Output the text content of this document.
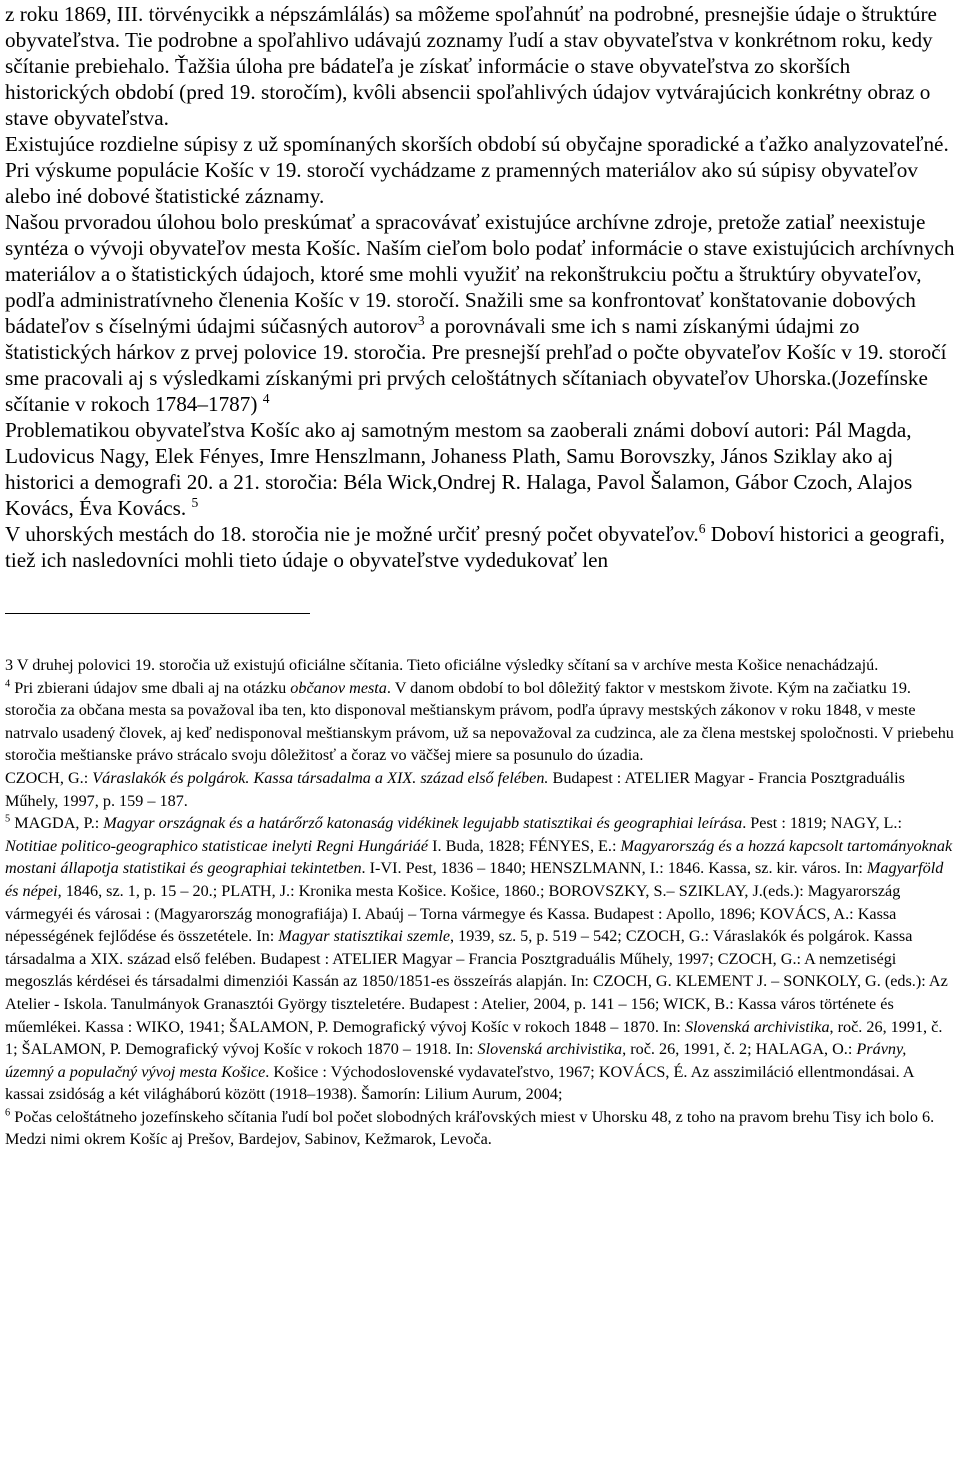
z roku 1869, III. törvénycikk a népszámlálás) sa môžeme spoľahnúť na podrobné, presnejšie údaje o štruktúre obyvateľstva. Tie podrobne a spoľahlivo udávajú zoznamy ľudí a stav obyvateľstva v konkrétnom roku, kedy sčítanie prebiehalo. Ťažšia úloha pre bádateľa je získať informácie o stave obyvateľstva zo skorších historických období (pred 19. storočím), kvôli absencii spoľahlivých údajov vytvárajúcich konkrétny obraz o stave obyvateľstva.

Existujúce rozdielne súpisy z už spomínaných skorších období sú obyčajne sporadické a ťažko analyzovateľné.

Pri výskume populácie Košíc v 19. storočí vychádzame z pramenných materiálov ako sú súpisy obyvateľov alebo iné dobové štatistické záznamy.

Našou prvoradou úlohou bolo preskúmať a spracovávať existujúce archívne zdroje, pretože zatiaľ neexistuje syntéza o vývoji obyvateľov mesta Košíc. Naším cieľom bolo podať informácie o stave existujúcich archívnych materiálov a o štatistických údajoch, ktoré sme mohli využiť na rekonštrukciu počtu a štruktúry obyvateľov, podľa administratívneho členenia Košíc v 19. storočí. Snažili sme sa konfrontovať konštatovanie dobových bádateľov s číselnými údajmi súčasných autorov$^3$ a porovnávali sme ich s nami získanými údajmi zo štatistických hárkov z prvej polovice 19. storočia. Pre presnejší prehľad o počte obyvateľov Košíc v 19. storočí sme pracovali aj s výsledkami získanými pri prvých celoštátnych sčítaniach obyvateľov Uhorska.(Jozefínske sčítanie v rokoch 1784–1787) $^4$

Problematikou obyvateľstva Košíc ako aj samotným mestom sa zaoberali známi doboví autori: Pál Magda, Ludovicus Nagy, Elek Fényes, Imre Henszlmann, Johaness Plath, Samu Borovszky, János Sziklay ako aj historici a demografi 20. a 21. storočia: Béla Wick,Ondrej R. Halaga, Pavol Šalamon, Gábor Czoch, Alajos Kovács, Éva Kovács. $^5$

V uhorských mestách do 18. storočia nie je možné určiť presný počet obyvateľov.$^6$ Doboví historici a geografi, tiež ich nasledovníci mohli tieto údaje o obyvateľstve vydedukovať len

3 V druhej polovici 19. storočia už existujú oficiálne sčítania. Tieto oficiálne výsledky sčítaní sa v archíve mesta Košice nenachádzajú.

$^4$ Pri zbierani údajov sme dbali aj na otázku občanov mesta. V danom období to bol dôležitý faktor v mestskom živote. Kým na začiatku 19. storočia za občana mesta sa považoval iba ten, kto disponoval meštianskym právom, podľa úpravy mestských zákonov v roku 1848, v meste natrvalo usadený človek, aj keď nedisponoval meštianskym právom, už sa nepovažoval za cudzinca, ale za člena mestskej spoločnosti. V priebehu storočia meštianske právo strácalo svoju dôležitosť a čoraz vo väčšej miere sa posunulo do úzadia.

CZOCH, G.: Váraslakók és polgárok. Kassa társadalma a XIX. század első felében. Budapest : ATELIER Magyar - Francia Posztgraduális Műhely, 1997, p. 159 – 187.

$^5$ MAGDA, P.: Magyar országnak és a határőrző katonaság vidékinek legujabb statisztikai és geographiai leírása. Pest : 1819; NAGY, L.: Notitiae politico-geographico statisticae inelyti Regni Hungáriáé I. Buda, 1828; FÉNYES, E.: Magyarország és a hozzá kapcsolt tartományoknak mostani állapotja statistikai és geographiai tekintetben. I-VI. Pest, 1836 – 1840; HENSZLMANN, I.: 1846. Kassa, sz. kir. város. In: Magyarföld és népei, 1846, sz. 1, p. 15 – 20.; PLATH, J.: Kronika mesta Košice. Košice, 1860.; BOROVSZKY, S.– SZIKLAY, J.(eds.): Magyarország vármegyéi és városai : (Magyarország monografiája) I. Abaúj – Torna vármegye és Kassa. Budapest : Apollo, 1896; KOVÁCS, A.: Kassa népességének fejlődése és összetétele. In: Magyar statisztikai szemle, 1939, sz. 5, p. 519 – 542; CZOCH, G.: Váraslakók és polgárok. Kassa társadalma a XIX. század első felében. Budapest : ATELIER Magyar – Francia Posztgraduális Műhely, 1997; CZOCH, G.: A nemzetiségi megoszlás kérdései és társadalmi dimenziói Kassán az 1850/1851-es összeírás alapján. In: CZOCH, G. KLEMENT J. – SONKOLY, G. (eds.): Az Atelier - Iskola. Tanulmányok Granasztói György tiszteletére. Budapest : Atelier, 2004, p. 141 – 156; WICK, B.: Kassa város története és műemlékei. Kassa : WIKO, 1941; ŠALAMON, P. Demografický vývoj Košíc v rokoch 1848 – 1870. In: Slovenská archivistika, roč. 26, 1991, č. 1; ŠALAMON, P. Demografický vývoj Košíc v rokoch 1870 – 1918. In: Slovenská archivistika, roč. 26, 1991, č. 2; HALAGA, O.: Právny, územný a populačný vývoj mesta Košice. Košice : Východoslovenské vydavateľstvo, 1967; KOVÁCS, É. Az asszimiláció ellentmondásai. A kassai zsidóság a két világháború között (1918–1938). Šamorín: Lilium Aurum, 2004;

$^6$ Počas celoštátneho jozefínskeho sčítania ľudí bol počet slobodných kráľovských miest v Uhorsku 48, z toho na pravom brehu Tisy ich bolo 6. Medzi nimi okrem Košíc aj Prešov, Bardejov, Sabinov, Kežmarok, Levoča.
